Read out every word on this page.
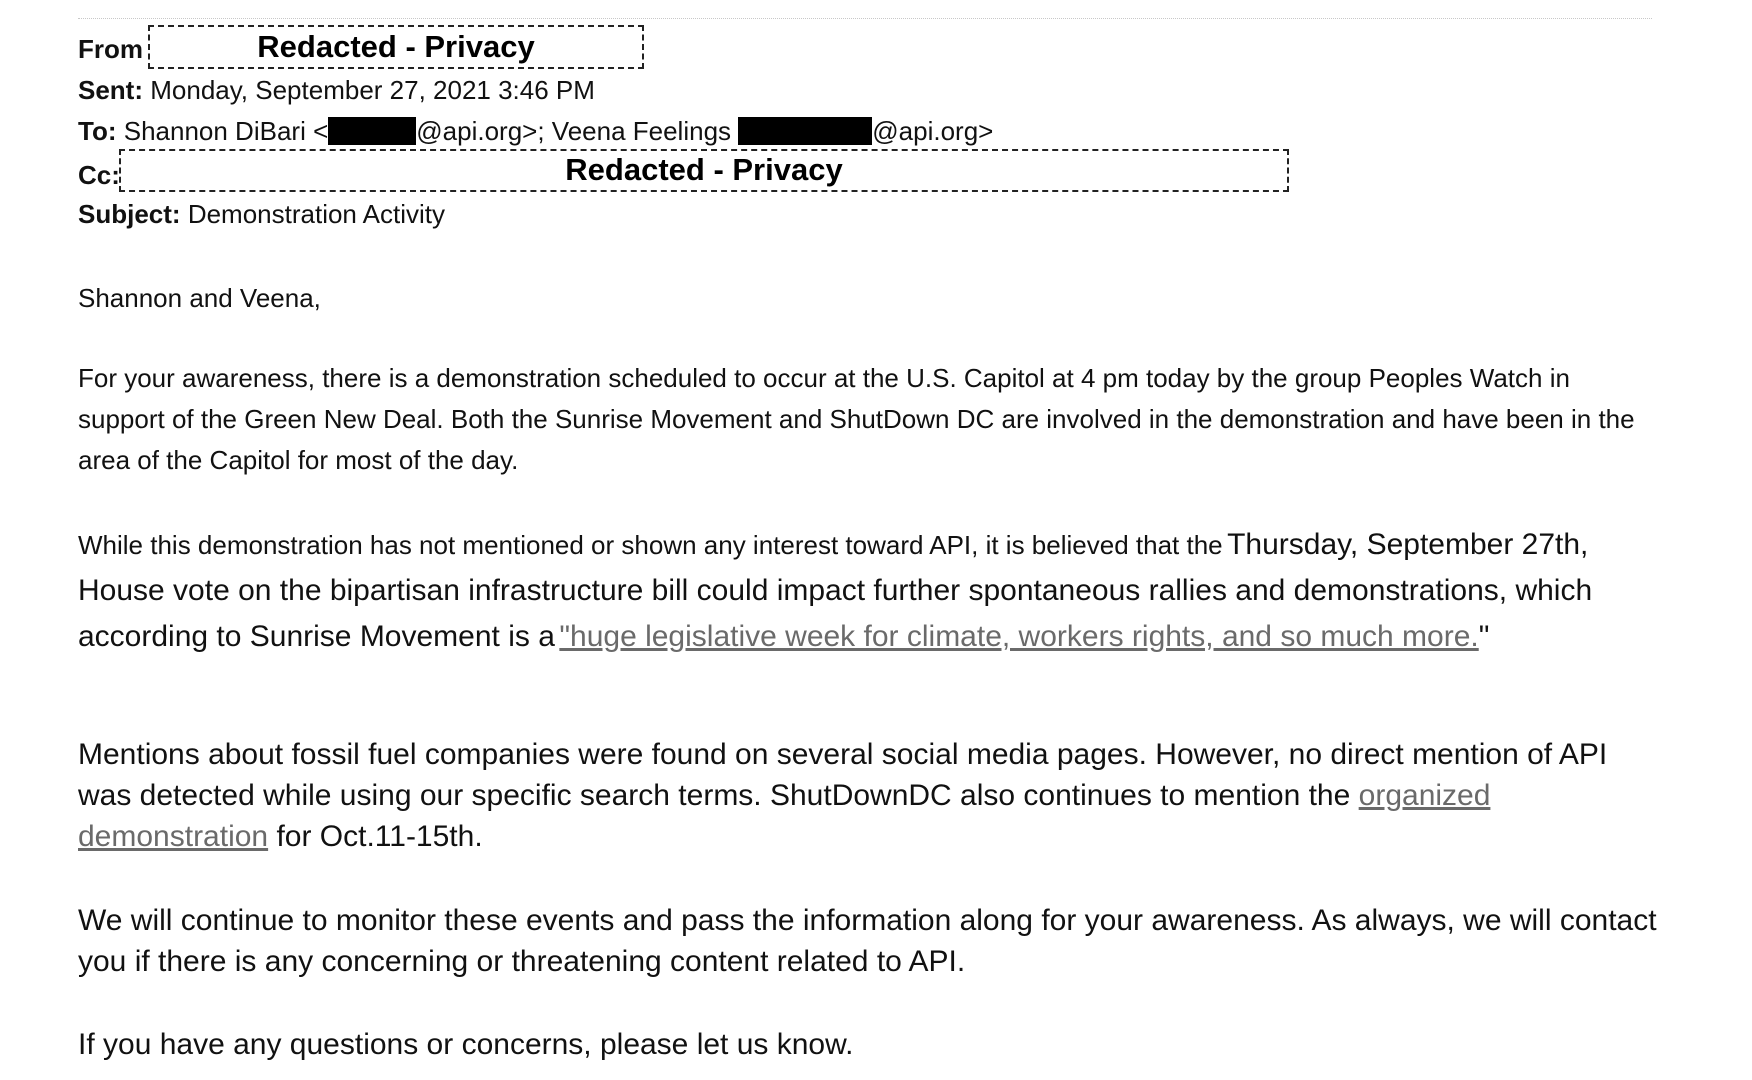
From	Redacted - Privacy
Sent: Monday, September 27, 2021 3:46 PM
To: Shannon DiBari <	@api.org>; Veena Feelings	@api.org>
Cc:	Redacted - Privacy
Subject: Demonstration Activity
Shannon and Veena,
For your awareness, there is a demonstration scheduled to occur at the U.S. Capitol at 4 pm today by the group Peoples Watch in support of the Green New Deal. Both the Sunrise Movement and ShutDown DC are involved in the demonstration and have been in the area of the Capitol for most of the day.
While this demonstration has not mentioned or shown any interest toward API, it is believed that the Thursday, September 27th, House vote on the bipartisan infrastructure bill could impact further spontaneous rallies and demonstrations, which according to Sunrise Movement is a "huge legislative week for climate, workers rights, and so much more."
Mentions about fossil fuel companies were found on several social media pages. However, no direct mention of API was detected while using our specific search terms. ShutDownDC also continues to mention the organized demonstration for Oct.11-15th.
We will continue to monitor these events and pass the information along for your awareness. As always, we will contact you if there is any concerning or threatening content related to API.
If you have any questions or concerns, please let us know.
